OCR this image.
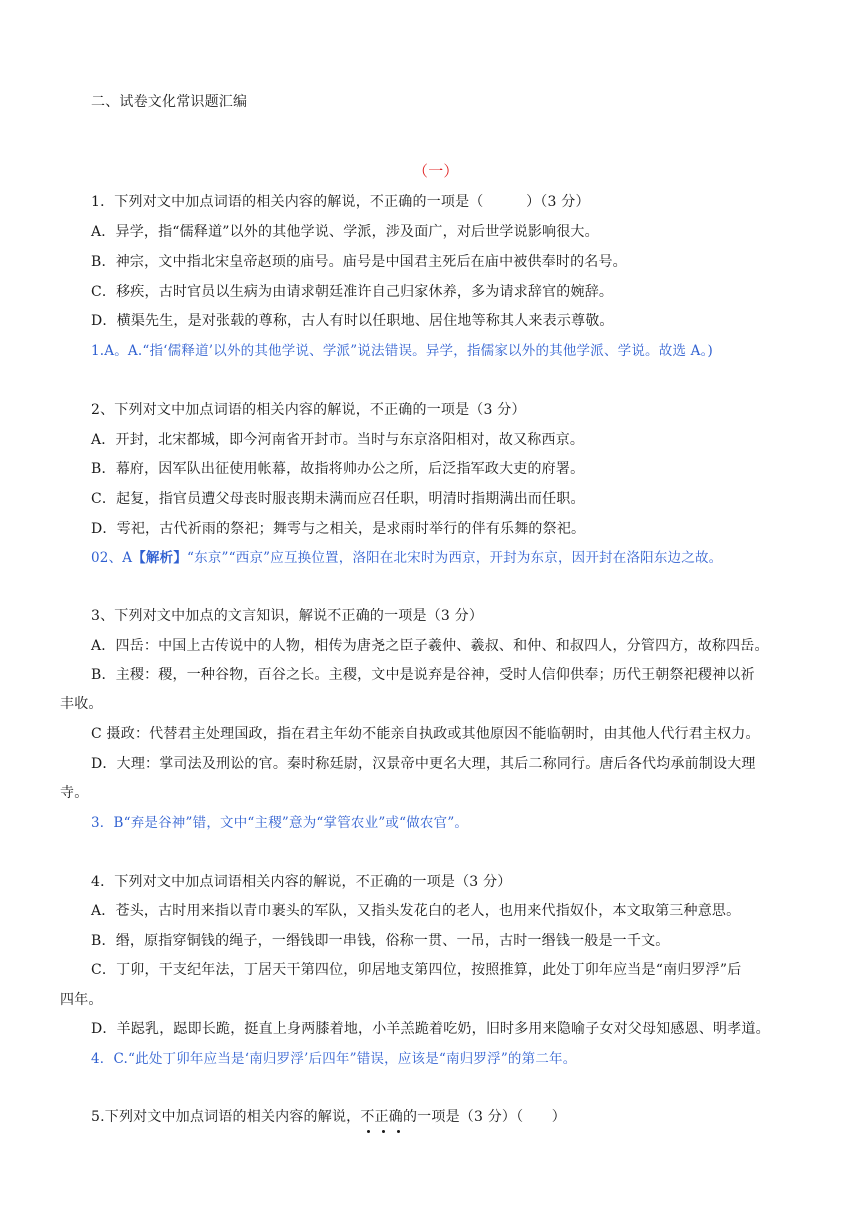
二、试卷文化常识题汇编
（一）
1．下列对文中加点词语的相关内容的解说，不正确的一项是（　　　）（3 分）
A．异学，指“儒释道”以外的其他学说、学派，涉及面广，对后世学说影响很大。
B．神宗，文中指北宋皇帝赵顼的庙号。庙号是中国君主死后在庙中被供奉时的名号。
C．移疾，古时官员以生病为由请求朝廷准许自己归家休养，多为请求辞官的婉辞。
D．横渠先生，是对张载的尊称，古人有时以任职地、居住地等称其人来表示尊敬。
1.A。A.“指‘儒释道’以外的其他学说、学派”说法错误。异学，指儒家以外的其他学派、学说。故选 A。)
2、下列对文中加点词语的相关内容的解说，不正确的一项是（3 分）
A．开封，北宋都城，即今河南省开封市。当时与东京洛阳相对，故又称西京。
B．幕府，因军队出征使用帐幕，故指将帅办公之所，后泛指军政大吏的府署。
C．起复，指官员遭父母丧时服丧期未满而应召任职，明清时指期满出而任职。
D．雩祀，古代祈雨的祭祀；舞雩与之相关，是求雨时举行的伴有乐舞的祭祀。
02、A【解析】“东京”“西京”应互换位置，洛阳在北宋时为西京，开封为东京，因开封在洛阳东边之故。
3、下列对文中加点的文言知识，解说不正确的一项是（3 分）
A．四岳：中国上古传说中的人物，相传为唐尧之臣子羲仲、羲叔、和仲、和叔四人，分管四方，故称四岳。
B．主稷：稷，一种谷物，百谷之长。主稷，文中是说弃是谷神，受时人信仰供奉；历代王朝祭祀稷神以祈
丰收。
C 摄政：代替君主处理国政，指在君主年幼不能亲自执政或其他原因不能临朝时，由其他人代行君主权力。
D．大理：掌司法及刑讼的官。秦时称廷尉，汉景帝中更名大理，其后二称同行。唐后各代均承前制设大理
寺。
3．B“弃是谷神”错，文中“主稷”意为“掌管农业”或“做农官”。
4．下列对文中加点词语相关内容的解说，不正确的一项是（3 分）
A．苍头，古时用来指以青巾裹头的军队，又指头发花白的老人，也用来代指奴仆，本文取第三种意思。
B．缗，原指穿铜钱的绳子，一缗钱即一串钱，俗称一贯、一吊，古时一缗钱一般是一千文。
C．丁卯，干支纪年法，丁居天干第四位，卯居地支第四位，按照推算，此处丁卯年应当是“南归罗浮”后
四年。
D．羊跽乳，跽即长跪，挺直上身两膝着地，小羊羔跪着吃奶，旧时多用来隐喻子女对父母知感恩、明孝道。
4．C.“此处丁卯年应当是‘南归罗浮’后四年”错误，应该是“南归罗浮”的第二年。
5.下列对文中加点词语的相关内容的解说，不正确
的一项是（3 分）（　　）
